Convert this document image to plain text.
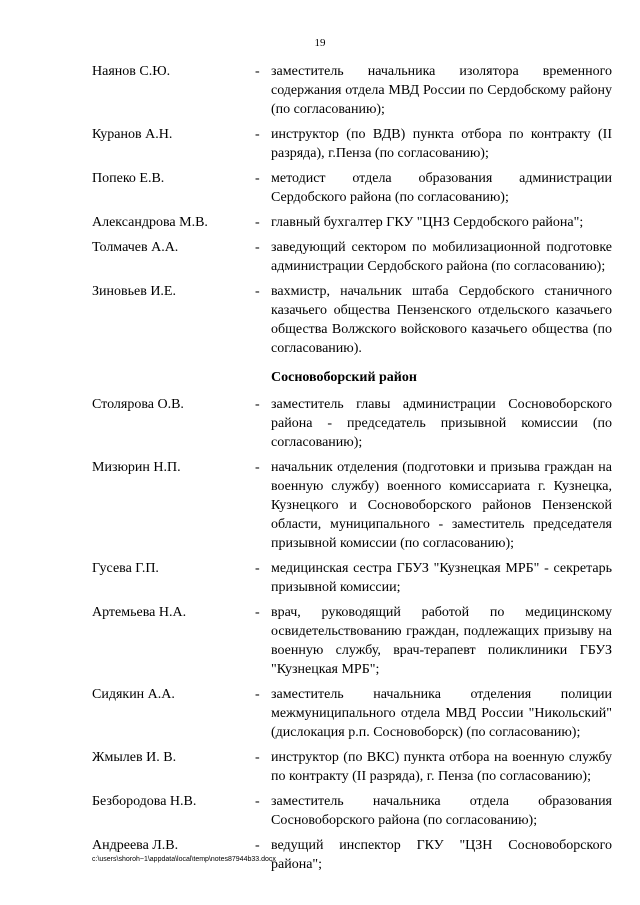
19
Наянов С.Ю.	- заместитель начальника изолятора временного содержания отдела МВД России по Сердобскому району (по согласованию);
Куранов А.Н.	- инструктор (по ВДВ) пункта отбора по контракту (II разряда), г.Пенза (по согласованию);
Попеко Е.В.	- методист отдела образования администрации Сердобского района (по согласованию);
Александрова М.В.	- главный бухгалтер ГКУ "ЦНЗ Сердобского района";
Толмачев А.А.	- заведующий сектором по мобилизационной подготовке администрации Сердобского района (по согласованию);
Зиновьев И.Е.	- вахмистр, начальник штаба Сердобского станичного казачьего общества Пензенского отдельского казачьего общества Волжского войскового казачьего общества (по согласованию).
Сосновоборский район
Столярова О.В.	- заместитель главы администрации Сосновоборского района - председатель призывной комиссии (по согласованию);
Мизюрин Н.П.	- начальник отделения (подготовки и призыва граждан на военную службу) военного комиссариата г. Кузнецка, Кузнецкого и Сосновоборского районов Пензенской области, муниципального - заместитель председателя призывной комиссии (по согласованию);
Гусева Г.П.	- медицинская сестра ГБУЗ "Кузнецкая МРБ" - секретарь призывной комиссии;
Артемьева Н.А.	- врач, руководящий работой по медицинскому освидетельствованию граждан, подлежащих призыву на военную службу, врач-терапевт поликлиники ГБУЗ "Кузнецкая МРБ";
Сидякин А.А.	- заместитель начальника отделения полиции межмуниципального отдела МВД России "Никольский" (дислокация р.п. Сосновоборск) (по согласованию);
Жмылев И. В.	- инструктор (по ВКС) пункта отбора на военную службу по контракту (II разряда), г. Пенза (по согласованию);
Безбородова Н.В.	- заместитель начальника отдела образования Сосновоборского района (по согласованию);
Андреева Л.В.	- ведущий инспектор ГКУ "ЦЗН Сосновоборского района";
c:\users\shoroh~1\appdata\local\temp\notes87944b33.docx
